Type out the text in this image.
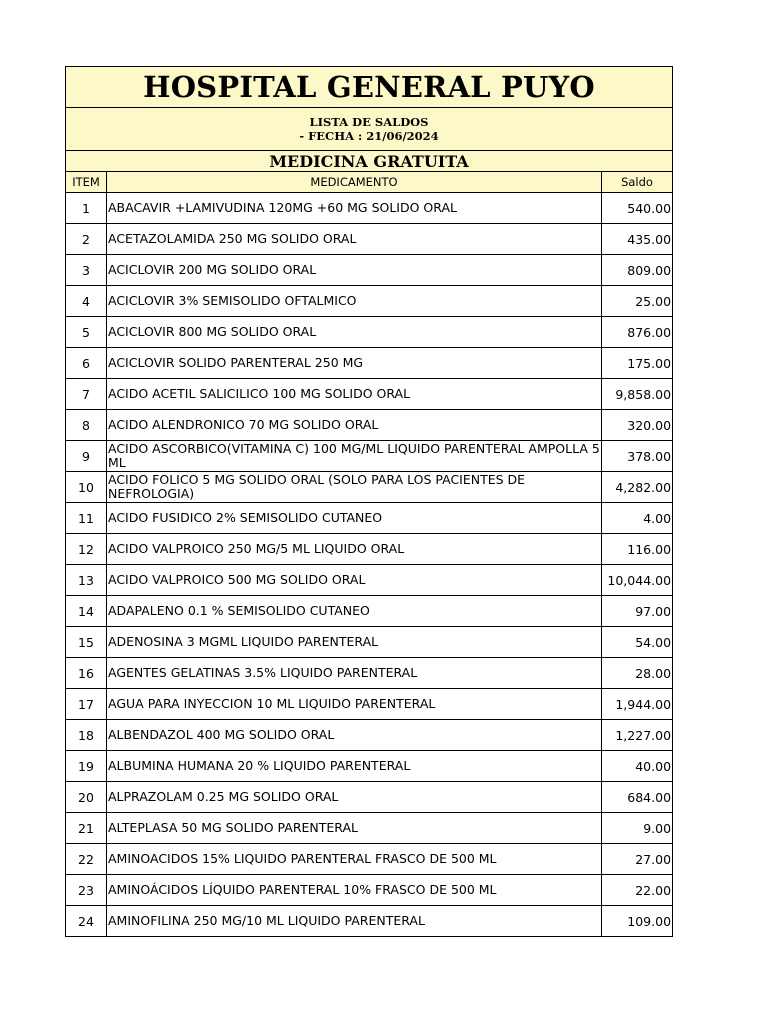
HOSPITAL GENERAL PUYO		

LISTA DE SALDOS
- FECHA : 21/06/2024		

MEDICINA GRATUITA		
ITEM	MEDICAMENTO	Saldo
1	ABACAVIR +LAMIVUDINA 120MG +60 MG SOLIDO ORAL	540.00
2	ACETAZOLAMIDA 250 MG SOLIDO ORAL	435.00
3	ACICLOVIR 200 MG SOLIDO ORAL	809.00
4	ACICLOVIR 3% SEMISOLIDO OFTALMICO	25.00
5	ACICLOVIR 800 MG SOLIDO ORAL	876.00
6	ACICLOVIR SOLIDO PARENTERAL 250 MG	175.00
7	ACIDO ACETIL SALICILICO 100 MG SOLIDO ORAL	9,858.00
8	ACIDO ALENDRONICO 70 MG SOLIDO ORAL	320.00
9	ACIDO ASCORBICO(VITAMINA C) 100 MG/ML LIQUIDO PARENTERAL AMPOLLA 5 ML	378.00
10	ACIDO FOLICO 5 MG SOLIDO ORAL (SOLO PARA LOS PACIENTES DE NEFROLOGIA)	4,282.00
11	ACIDO FUSIDICO 2% SEMISOLIDO CUTANEO	4.00
12	ACIDO VALPROICO 250 MG/5 ML LIQUIDO ORAL	116.00
13	ACIDO VALPROICO 500 MG SOLIDO ORAL	10,044.00
14	ADAPALENO 0.1 % SEMISOLIDO CUTANEO	97.00
15	ADENOSINA 3 MGML LIQUIDO PARENTERAL	54.00
16	AGENTES GELATINAS 3.5% LIQUIDO PARENTERAL	28.00
17	AGUA PARA INYECCION 10 ML LIQUIDO PARENTERAL	1,944.00
18	ALBENDAZOL 400 MG SOLIDO ORAL	1,227.00
19	ALBUMINA HUMANA 20 % LIQUIDO PARENTERAL	40.00
20	ALPRAZOLAM 0.25 MG SOLIDO ORAL	684.00
21	ALTEPLASA 50 MG SOLIDO PARENTERAL	9.00
22	AMINOACIDOS 15% LIQUIDO PARENTERAL FRASCO DE 500 ML	27.00
23	AMINOÁCIDOS LÍQUIDO PARENTERAL 10% FRASCO DE 500 ML	22.00
24	AMINOFILINA 250 MG/10 ML LIQUIDO PARENTERAL	109.00
